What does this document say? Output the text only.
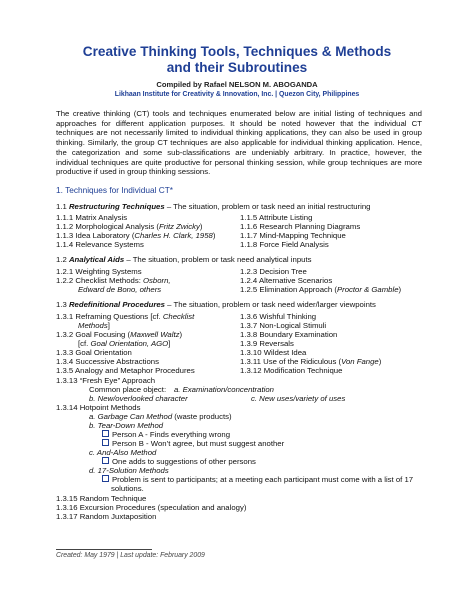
Creative Thinking Tools, Techniques & Methods
and their Subroutines
Compiled by Rafael NELSON M. ABOGANDA
Likhaan Institute for Creativity & Innovation, Inc. | Quezon City, Philippines
The creative thinking (CT) tools and techniques enumerated below are initial listing of techniques and approaches for different application purposes. It should be noted however that the individual CT techniques are not necessarily limited to individual thinking applications, they can also be used in group thinking. Similarly, the group CT techniques are also applicable for individual thinking application. Hence, the categorization and some sub-classifications are undeniably arbitrary. In practice, however, the individual techniques are quite productive for personal thinking session, while group techniques are more productive if used in group thinking sessions.
1. Techniques for Individual CT*
1.1 Restructuring Techniques – The situation, problem or task need an initial restructuring
1.1.1 Matrix Analysis
1.1.2 Morphological Analysis (Fritz Zwicky)
1.1.3 Idea Laboratory (Charles H. Clark, 1958)
1.1.4 Relevance Systems
1.1.5 Attribute Listing
1.1.6 Research Planning Diagrams
1.1.7 Mind-Mapping Technique
1.1.8 Force Field Analysis
1.2 Analytical Aids – The situation, problem or task need analytical inputs
1.2.1 Weighting Systems
1.2.2 Checklist Methods: Osborn,
Edward de Bono, others
1.2.3 Decision Tree
1.2.4 Alternative Scenarios
1.2.5 Elimination Approach (Proctor & Gamble)
1.3 Redefinitional Procedures – The situation, problem or task need wider/larger viewpoints
1.3.1 Reframing Questions [cf. Checklist
Methods]
1.3.2 Goal Focusing (Maxwell Waltz)
[cf. Goal Orientation, AGO]
1.3.3 Goal Orientation
1.3.4 Successive Abstractions
1.3.5 Analogy and Metaphor Procedures
1.3.6 Wishful Thinking
1.3.7 Non-Logical Stimuli
1.3.8 Boundary Examination
1.3.9 Reversals
1.3.10 Wildest Idea
1.3.11 Use of the Ridiculous (Von Fange)
1.3.12 Modification Technique
1.3.13 “Fresh Eye” Approach
Common place object: a. Examination/concentration
b. New/overlooked character	c. New uses/variety of uses
1.3.14 Hotpoint Methods
a. Garbage Can Method (waste products)
b. Tear-Down Method
Person A - Finds everything wrong
Person B - Won’t agree, but must suggest another
c. And-Also Method
One adds to suggestions of other persons
d. 17-Solution Methods
Problem is sent to participants; at a meeting each participant must come with a list of 17
solutions.
1.3.15 Random Technique
1.3.16 Excursion Procedures (speculation and analogy)
1.3.17 Random Juxtaposition
Created: May 1979 | Last update: February 2009
